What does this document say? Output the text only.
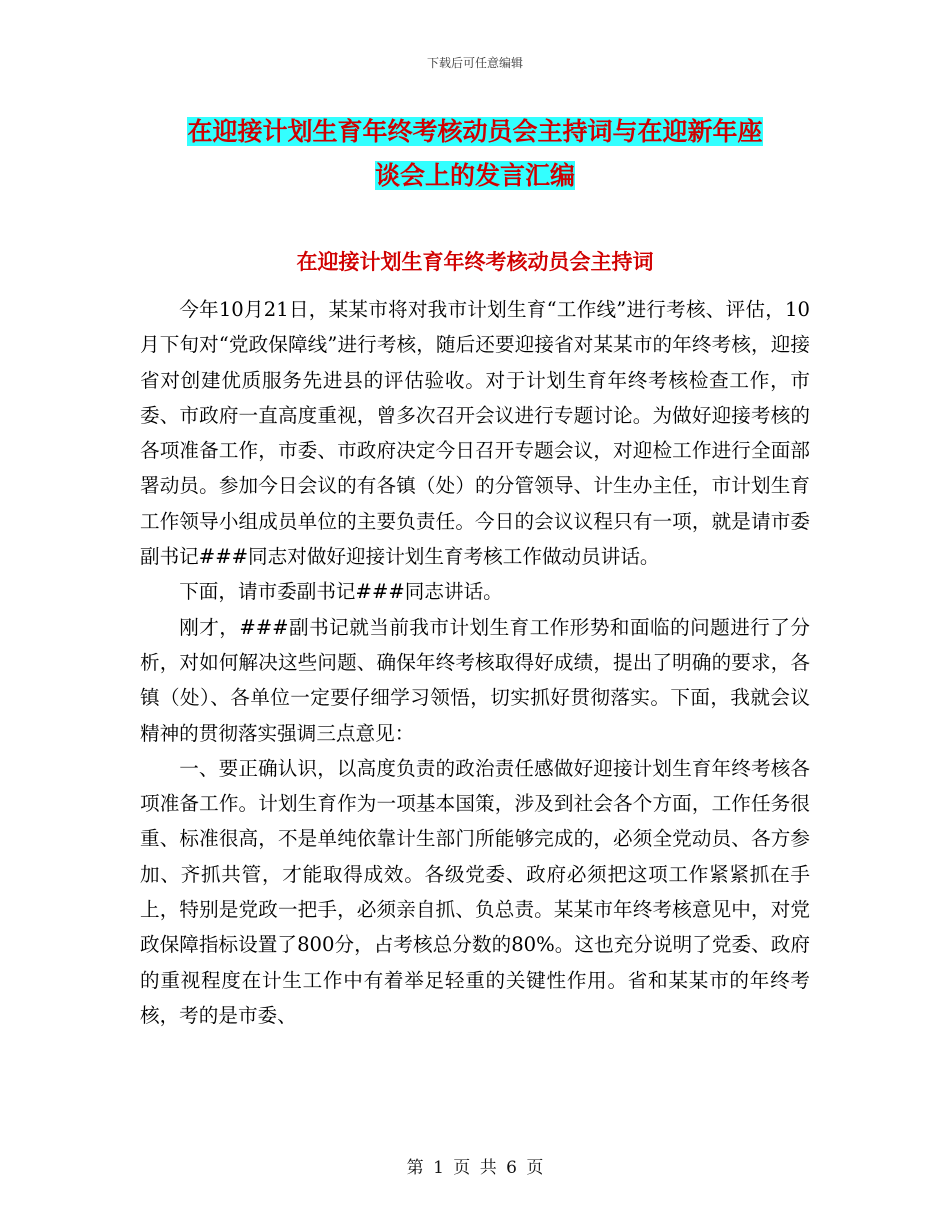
下载后可任意编辑
在迎接计划生育年终考核动员会主持词与在迎新年座
谈会上的发言汇编
在迎接计划生育年终考核动员会主持词

今年10月21日，某某市将对我市计划生育“工作线”进行考核、评估，10月下旬对“党政保障线”进行考核，随后还要迎接省对某某市的年终考核，迎接省对创建优质服务先进县的评估验收。对于计划生育年终考核检查工作，市委、市政府一直高度重视，曾多次召开会议进行专题讨论。为做好迎接考核的各项准备工作，市委、市政府决定今日召开专题会议，对迎检工作进行全面部署动员。参加今日会议的有各镇（处）的分管领导、计生办主任，市计划生育工作领导小组成员单位的主要负责任。今日的会议议程只有一项，就是请市委副书记###同志对做好迎接计划生育考核工作做动员讲话。

下面，请市委副书记###同志讲话。

刚才，###副书记就当前我市计划生育工作形势和面临的问题进行了分析，对如何解决这些问题、确保年终考核取得好成绩，提出了明确的要求，各镇（处）、各单位一定要仔细学习领悟，切实抓好贯彻落实。下面，我就会议精神的贯彻落实强调三点意见：

一、要正确认识，以高度负责的政治责任感做好迎接计划生育年终考核各项准备工作。计划生育作为一项基本国策，涉及到社会各个方面，工作任务很重、标准很高，不是单纯依靠计生部门所能够完成的，必须全党动员、各方参加、齐抓共管，才能取得成效。各级党委、政府必须把这项工作紧紧抓在手上，特别是党政一把手，必须亲自抓、负总责。某某市年终考核意见中，对党政保障指标设置了800分，占考核总分数的80%。这也充分说明了党委、政府的重视程度在计生工作中有着举足轻重的关键性作用。省和某某市的年终考核，考的是市委、

第 1 页 共 6 页
